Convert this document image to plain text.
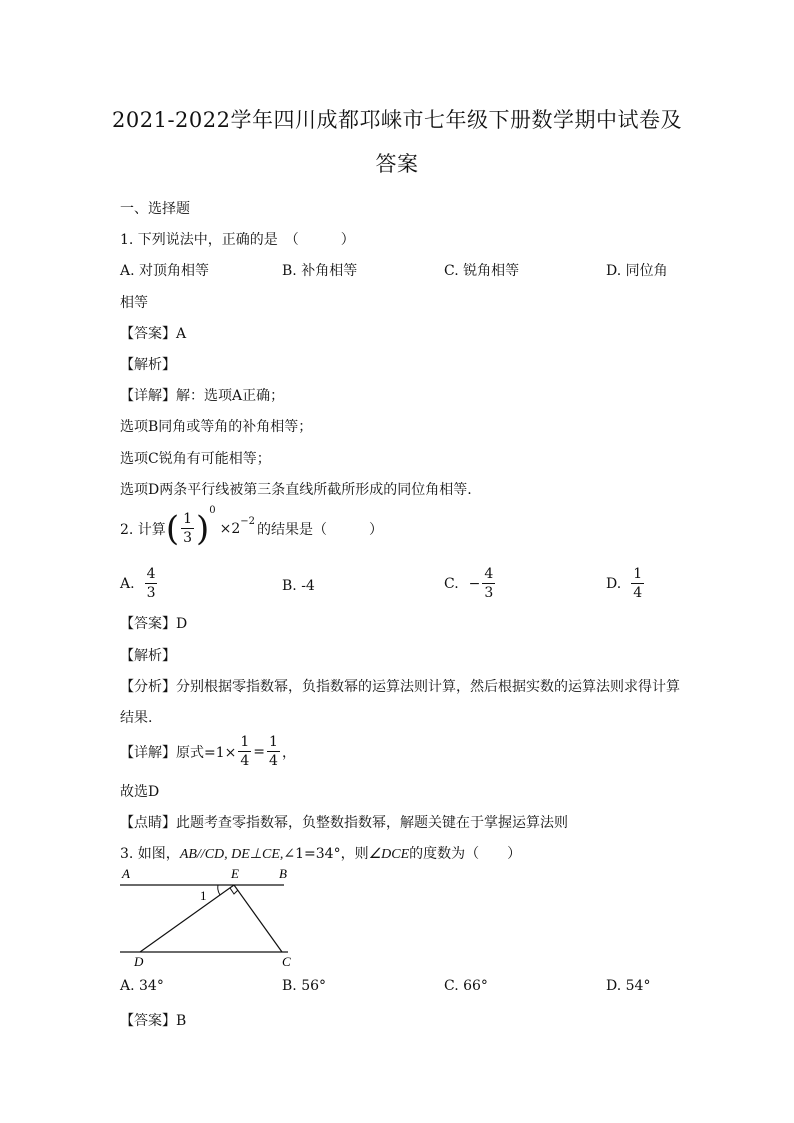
2021-2022学年四川成都邛崃市七年级下册数学期中试卷及
答案
一、选择题
1. 下列说法中，正确的是　（　　　）
A. 对顶角相等	B. 补角相等	C. 锐角相等	D. 同位角
相等
【答案】A
【解析】
【详解】解：选项A正确；
选项B同角或等角的补角相等；
选项C锐角有可能相等；
选项D两条平行线被第三条直线所截所形成的同位角相等.
2. 计算 ( $\frac{1}{3}$ ) 0
×2 −2 的结果是（　　　）
A. $\frac{4}{3}$	B. -4	C. − $\frac{4}{3}$	D. $\frac{1}{4}$
【答案】D
【解析】
【分析】分别根据零指数幂，负指数幂的运算法则计算，然后根据实数的运算法则求得计算
结果.
【详解】原式$=1\times \frac{1}{4} = \frac{1}{4}$ ，
故选D
【点睛】此题考查零指数幂，负整数指数幂，解题关键在于掌握运算法则
3. 如图，AB//CD, DE⊥CE,∠1=34°，则∠DCE的度数为（　　）
A	E	B
1
D	C
A. 34°	B. 56°	C. 66°	D. 54°
【答案】B
